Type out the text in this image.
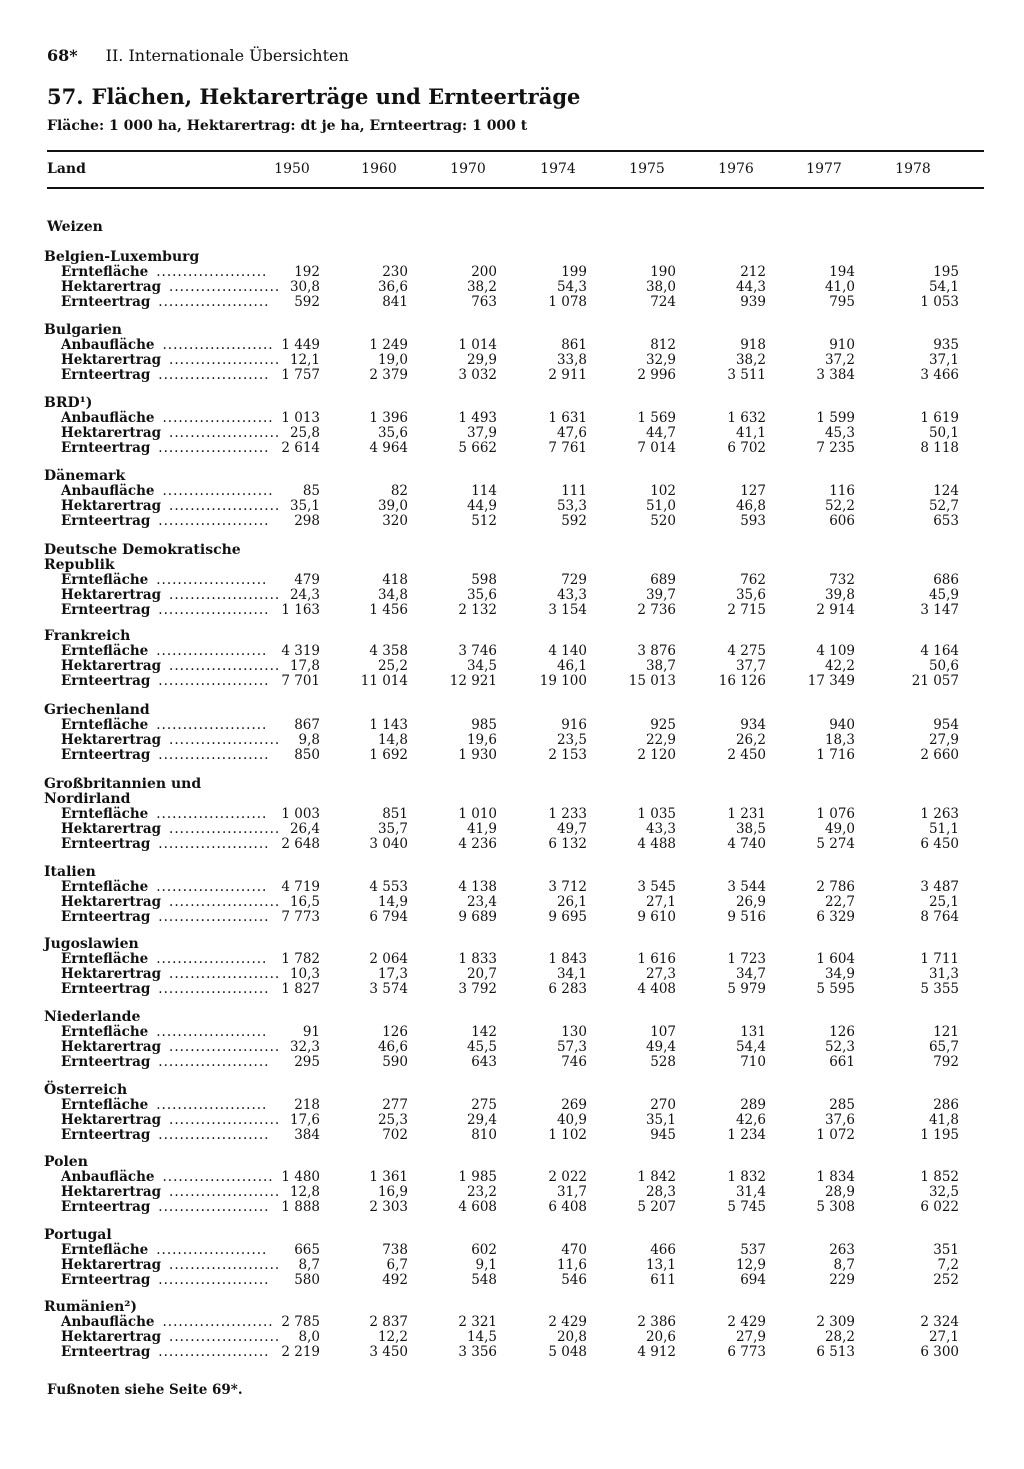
68* II. Internationale Übersichten
57. Flächen, Hektarerträge und Ernteerträge
Fläche: 1 000 ha, Hektarertrag: dt je ha, Ernteertrag: 1 000 t
Land	1950	1960	1970	1974	1975	1976	1977	1978
Weizen
Belgien-Luxemburg
Erntefläche .....................	192	230	200	199	190	212	194	195
Hektarertrag ..................... 30,8	36,6	38,2	54,3	38,0	44,3	41,0	54,1
Ernteertrag .....................	592	841	763	1 078	724	939	795	1 053
Bulgarien
Anbaufläche ..................... 1 449	1 249	1 014	861	812	918	910	935
Hektarertrag ..................... 12,1	19,0	29,9	33,8	32,9	38,2	37,2	37,1
Ernteertrag ..................... 1 757	2 379	3 032	2 911	2 996	3 511	3 384	3 466
BRD¹)
Anbaufläche ..................... 1 013	1 396	1 493	1 631	1 569	1 632	1 599	1 619
Hektarertrag ..................... 25,8	35,6	37,9	47,6	44,7	41,1	45,3	50,1
Ernteertrag ..................... 2 614	4 964	5 662	7 761	7 014	6 702	7 235	8 118
Dänemark
Anbaufläche .....................	85	82	114	111	102	127	116	124
Hektarertrag ..................... 35,1	39,0	44,9	53,3	51,0	46,8	52,2	52,7
Ernteertrag .....................	298	320	512	592	520	593	606	653
Deutsche Demokratische
Republik
Erntefläche .....................	479	418	598	729	689	762	732	686
Hektarertrag ..................... 24,3	34,8	35,6	43,3	39,7	35,6	39,8	45,9
Ernteertrag ..................... 1 163	1 456	2 132	3 154	2 736	2 715	2 914	3 147
Frankreich
Erntefläche .....................	4 319	4 358	3 746	4 140	3 876	4 275	4 109	4 164
Hektarertrag ..................... 17,8	25,2	34,5	46,1	38,7	37,7	42,2	50,6
Ernteertrag ..................... 7 701	11 014	12 921	19 100	15 013	16 126	17 349	21 057
Griechenland
Erntefläche .....................	867	1 143	985	916	925	934	940	954
Hektarertrag .....................	9,8	14,8	19,6	23,5	22,9	26,2	18,3	27,9
Ernteertrag .....................	850	1 692	1 930	2 153	2 120	2 450	1 716	2 660
Großbritannien und
Nordirland
Erntefläche .....................	1 003	851	1 010	1 233	1 035	1 231	1 076	1 263
Hektarertrag ..................... 26,4	35,7	41,9	49,7	43,3	38,5	49,0	51,1
Ernteertrag ..................... 2 648	3 040	4 236	6 132	4 488	4 740	5 274	6 450
Italien
Erntefläche .....................	4 719	4 553	4 138	3 712	3 545	3 544	2 786	3 487
Hektarertrag ..................... 16,5	14,9	23,4	26,1	27,1	26,9	22,7	25,1
Ernteertrag ..................... 7 773	6 794	9 689	9 695	9 610	9 516	6 329	8 764
Jugoslawien
Erntefläche .....................	1 782	2 064	1 833	1 843	1 616	1 723	1 604	1 711
Hektarertrag ..................... 10,3	17,3	20,7	34,1	27,3	34,7	34,9	31,3
Ernteertrag ..................... 1 827	3 574	3 792	6 283	4 408	5 979	5 595	5 355
Niederlande
Erntefläche .....................	91	126	142	130	107	131	126	121
Hektarertrag ..................... 32,3	46,6	45,5	57,3	49,4	54,4	52,3	65,7
Ernteertrag .....................	295	590	643	746	528	710	661	792
Österreich
Erntefläche .....................	218	277	275	269	270	289	285	286
Hektarertrag ..................... 17,6	25,3	29,4	40,9	35,1	42,6	37,6	41,8
Ernteertrag .....................	384	702	810	1 102	945	1 234	1 072	1 195
Polen
Anbaufläche ..................... 1 480	1 361	1 985	2 022	1 842	1 832	1 834	1 852
Hektarertrag ..................... 12,8	16,9	23,2	31,7	28,3	31,4	28,9	32,5
Ernteertrag ..................... 1 888	2 303	4 608	6 408	5 207	5 745	5 308	6 022
Portugal
Erntefläche .....................	665	738	602	470	466	537	263	351
Hektarertrag .....................	8,7	6,7	9,1	11,6	13,1	12,9	8,7	7,2
Ernteertrag .....................	580	492	548	546	611	694	229	252
Rumänien²)
Anbaufläche ..................... 2 785	2 837	2 321	2 429	2 386	2 429	2 309	2 324
Hektarertrag .....................	8,0	12,2	14,5	20,8	20,6	27,9	28,2	27,1
Ernteertrag ..................... 2 219	3 450	3 356	5 048	4 912	6 773	6 513	6 300
Fußnoten siehe Seite 69*.
